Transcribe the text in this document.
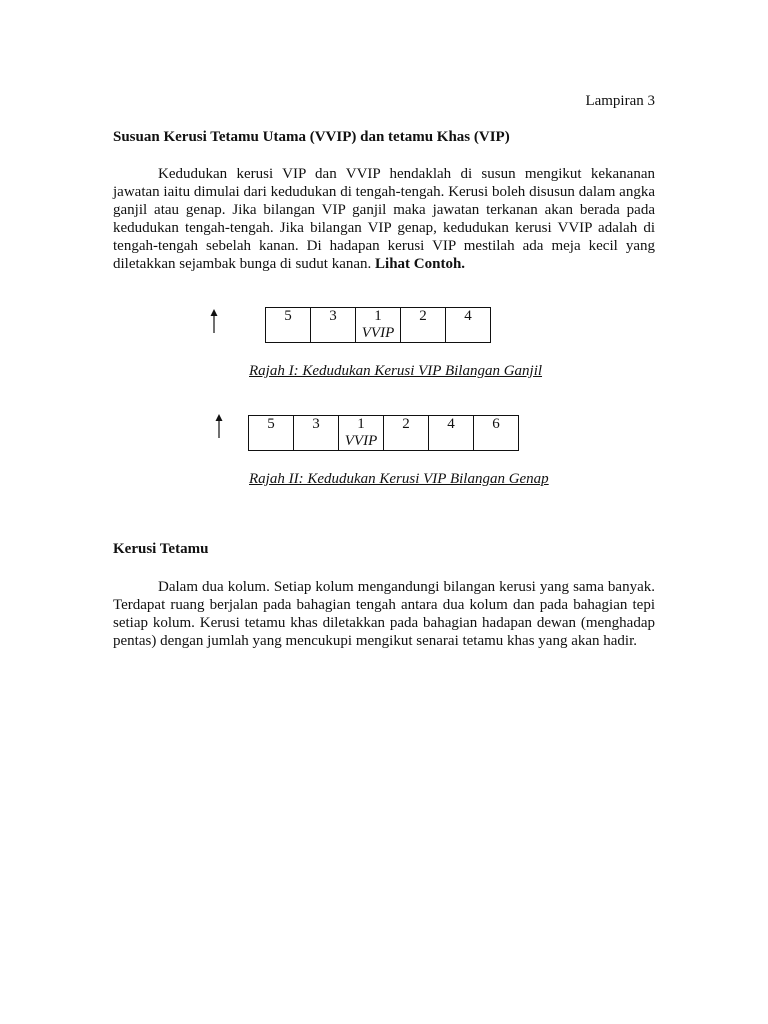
Lampiran 3
Susuan Kerusi Tetamu Utama (VVIP) dan tetamu Khas (VIP)

Kedudukan kerusi VIP dan VVIP hendaklah di susun mengikut kekananan jawatan iaitu dimulai dari kedudukan di tengah-tengah. Kerusi boleh disusun dalam angka ganjil atau genap. Jika bilangan VIP ganjil maka jawatan terkanan akan berada pada kedudukan tengah-tengah. Jika bilangan VIP genap, kedudukan kerusi VVIP adalah di tengah-tengah sebelah kanan. Di hadapan kerusi VIP mestilah ada meja kecil yang diletakkan sejambak bunga di sudut kanan. Lihat Contoh.

5	3	1
VVIP
	2	4
Rajah I: Kedudukan Kerusi VIP Bilangan Ganjil
5	3	1
VVIP
	2	4	6
Rajah II: Kedudukan Kerusi VIP Bilangan Genap
Kerusi Tetamu

Dalam dua kolum. Setiap kolum mengandungi bilangan kerusi yang sama banyak. Terdapat ruang berjalan pada bahagian tengah antara dua kolum dan pada bahagian tepi setiap kolum. Kerusi tetamu khas diletakkan pada bahagian hadapan dewan (menghadap pentas) dengan jumlah yang mencukupi mengikut senarai tetamu khas yang akan hadir.
